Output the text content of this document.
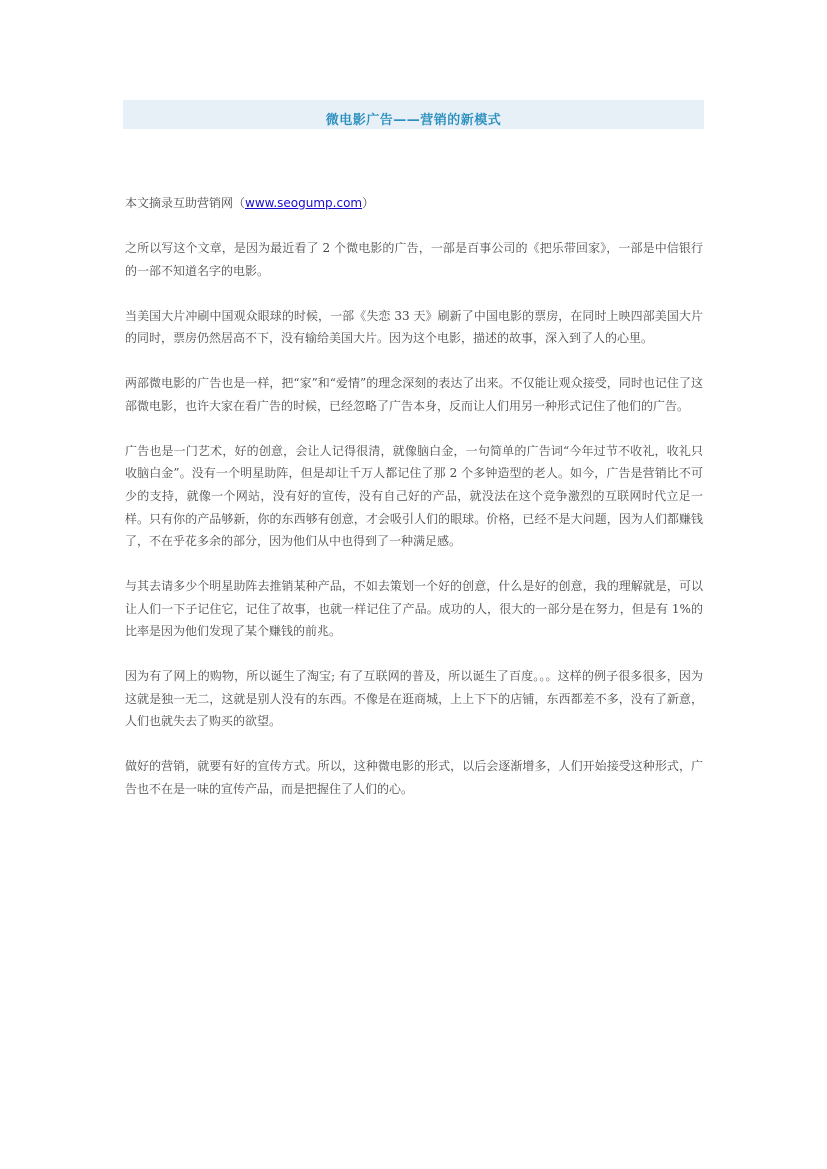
微电影广告——营销的新模式

本文摘录互助营销网（www.seogump.com）

之所以写这个文章，是因为最近看了 2 个微电影的广告，一部是百事公司的《把乐带回家》，一部是中信银行的一部不知道名字的电影。

当美国大片冲刷中国观众眼球的时候，一部《失恋 33 天》刷新了中国电影的票房，在同时上映四部美国大片的同时，票房仍然居高不下，没有输给美国大片。因为这个电影，描述的故事，深入到了人的心里。

两部微电影的广告也是一样，把“家”和“爱情”的理念深刻的表达了出来。不仅能让观众接受，同时也记住了这部微电影，也许大家在看广告的时候，已经忽略了广告本身，反而让人们用另一种形式记住了他们的广告。

广告也是一门艺术，好的创意，会让人记得很清，就像脑白金，一句简单的广告词“今年过节不收礼，收礼只收脑白金”。没有一个明星助阵，但是却让千万人都记住了那 2 个多钟造型的老人。如今，广告是营销比不可少的支持，就像一个网站，没有好的宣传，没有自己好的产品，就没法在这个竞争激烈的互联网时代立足一样。只有你的产品够新，你的东西够有创意，才会吸引人们的眼球。价格，已经不是大问题，因为人们都赚钱了，不在乎花多余的部分，因为他们从中也得到了一种满足感。

与其去请多少个明星助阵去推销某种产品，不如去策划一个好的创意，什么是好的创意，我的理解就是，可以让人们一下子记住它，记住了故事，也就一样记住了产品。成功的人，很大的一部分是在努力，但是有 1%的比率是因为他们发现了某个赚钱的前兆。

因为有了网上的购物，所以诞生了淘宝; 有了互联网的普及，所以诞生了百度。。。这样的例子很多很多，因为这就是独一无二，这就是别人没有的东西。不像是在逛商城，上上下下的店铺，东西都差不多，没有了新意，人们也就失去了购买的欲望。

做好的营销，就要有好的宣传方式。所以，这种微电影的形式，以后会逐渐增多，人们开始接受这种形式，广告也不在是一味的宣传产品，而是把握住了人们的心。
